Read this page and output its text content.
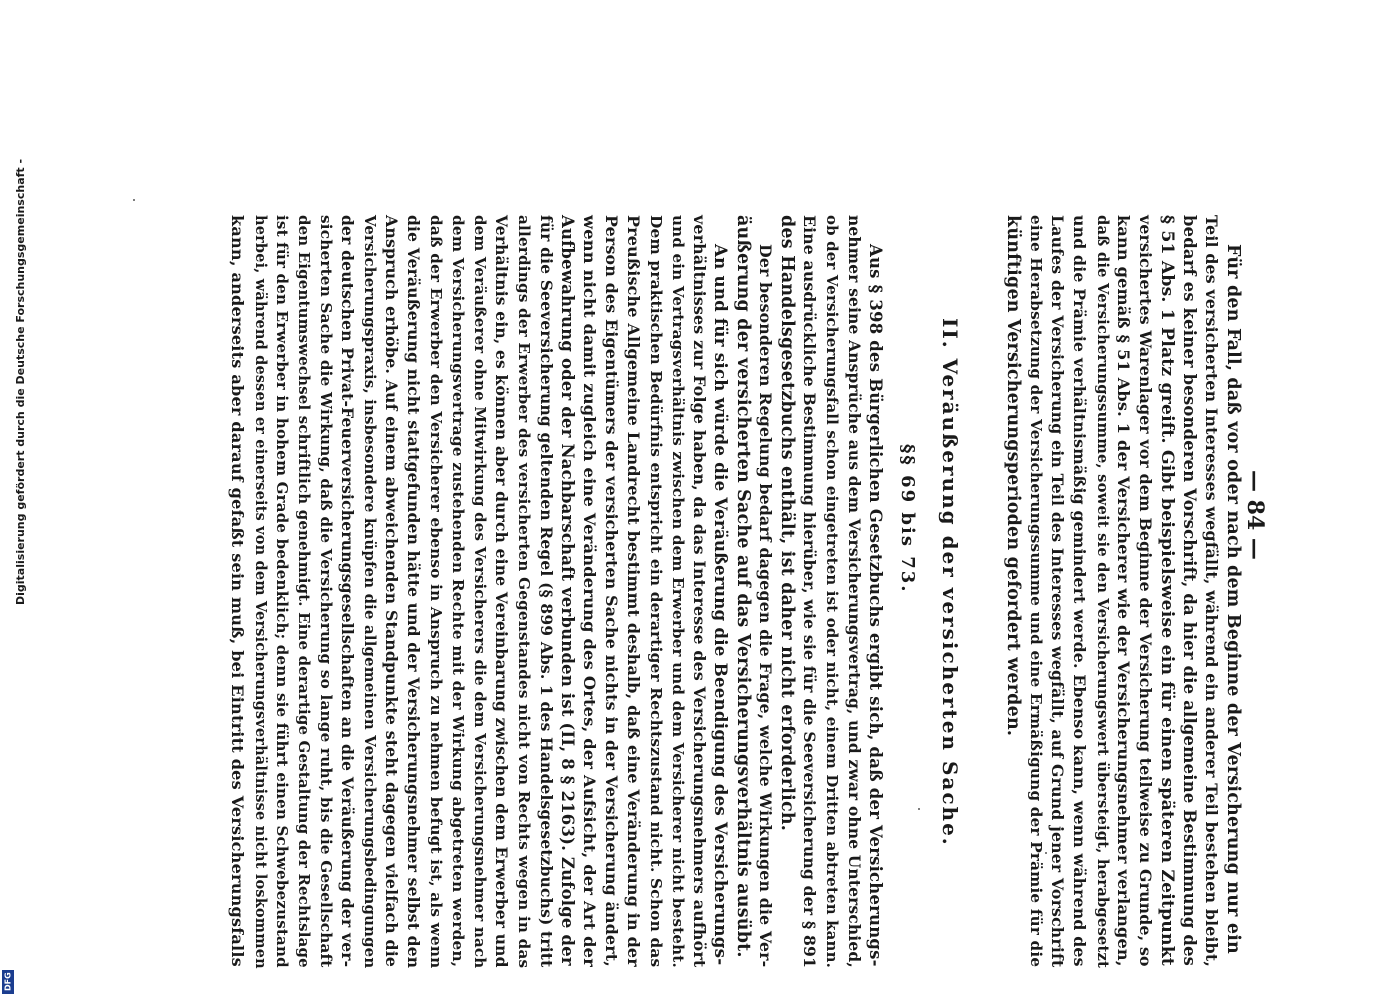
— 84 —
Für den Fall, daß vor oder nach dem Beginne der Versicherung nur ein
Teil des versicherten Interesses wegfällt, während ein anderer Teil bestehen bleibt,
bedarf es keiner besonderen Vorschrift, da hier die allgemeine Bestimmung des
§ 51 Abs. 1 Platz greift. Gibt beispielsweise ein für einen späteren Zeitpunkt
versichertes Warenlager vor dem Beginne der Versicherung teilweise zu Grunde, so
kann gemäß § 51 Abs. 1 der Versicherer wie der Versicherungsnehmer verlangen,
daß die Versicherungssumme, soweit sie den Versicherungswert übersteigt, herabgesetzt
und die Prämie verhältnismäßig gemindert werde. Ebenso kann, wenn während des
Laufes der Versicherung ein Teil des Interesses wegfällt, auf Grund jener Vorschrift
eine Herabsetzung der Versicherungssumme und eine Ermäßigung der Prämie für die
künftigen Versicherungsperioden gefordert werden.
II. Veräußerung der versicherten Sache.
§§ 69 bis 73.
Aus § 398 des Bürgerlichen Gesetzbuchs ergibt sich, daß der Versicherungs-
nehmer seine Ansprüche aus dem Versicherungsvertrag, und zwar ohne Unterschied,
ob der Versicherungsfall schon eingetreten ist oder nicht, einem Dritten abtreten kann.
Eine ausdrückliche Bestimmung hierüber, wie sie für die Seeversicherung der § 891
des Handelsgesetzbuchs enthält, ist daher nicht erforderlich.
Der besonderen Regelung bedarf dagegen die Frage, welche Wirkungen die Ver-
äußerung der versicherten Sache auf das Versicherungsverhältnis ausübt.
An und für sich würde die Veräußerung die Beendigung des Versicherungs-
verhältnisses zur Folge haben, da das Interesse des Versicherungsnehmers aufhört
und ein Vertragsverhältnis zwischen dem Erwerber und dem Versicherer nicht besteht.
Dem praktischen Bedürfnis entspricht ein derartiger Rechtszustand nicht. Schon das
Preußische Allgemeine Landrecht bestimmt deshalb, daß eine Veränderung in der
Person des Eigentümers der versicherten Sache nichts in der Versicherung ändert,
wenn nicht damit zugleich eine Veränderung des Ortes, der Aufsicht, der Art der
Aufbewahrung oder der Nachbarschaft verbunden ist (II, 8 § 2163). Zufolge der
für die Seeversicherung geltenden Regel (§ 899 Abs. 1 des Handelsgesetzbuchs) tritt
allerdings der Erwerber des versicherten Gegenstandes nicht von Rechts wegen in das
Verhältnis ein, es können aber durch eine Vereinbarung zwischen dem Erwerber und
dem Veräußerer ohne Mitwirkung des Versicherers die dem Versicherungsnehmer nach
dem Versicherungsvertrage zustehenden Rechte mit der Wirkung abgetreten werden,
daß der Erwerber den Versicherer ebenso in Anspruch zu nehmen befugt ist, als wenn
die Veräußerung nicht stattgefunden hätte und der Versicherungsnehmer selbst den
Anspruch erhöbe. Auf einem abweichenden Standpunkte steht dagegen vielfach die
Versicherungspraxis, insbesondere knüpfen die allgemeinen Versicherungsbedingungen
der deutschen Privat-Feuerversicherungsgesellschaften an die Veräußerung der ver-
sicherten Sache die Wirkung, daß die Versicherung so lange ruht, bis die Gesellschaft
den Eigentumswechsel schriftlich genehmigt. Eine derartige Gestaltung der Rechtslage
ist für den Erwerber in hohem Grade bedenklich; denn sie führt einen Schwebezustand
herbei, während dessen er einerseits von dem Versicherungsverhältnisse nicht loskommen
kann, anderseits aber darauf gefaßt sein muß, bei Eintritt des Versicherungsfalls
Digitalisierung gefördert durch die Deutsche Forschungsgemeinschaft -
DFG
